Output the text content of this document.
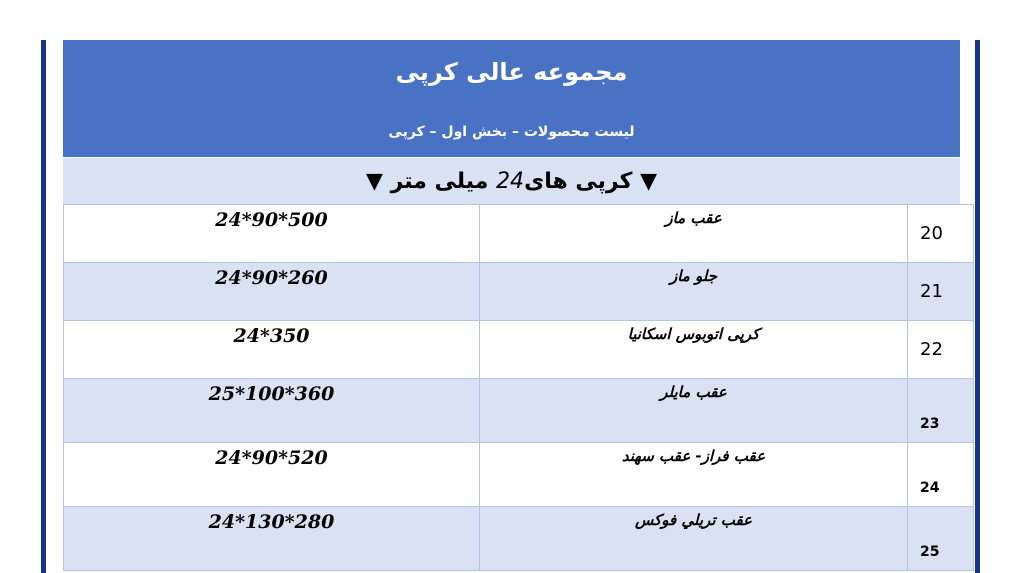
مجموعه عالی کرپی
لیست محصولات – بخش اول – کرپی
▼ کرپی های24 میلی متر ▼
24*90*500	عقب ماز	20
24*90*260	جلو ماز	21
24*350	کرپی اتوبوس اسکانیا	22
25*100*360	عقب مایلر	23
24*90*520	عقب فراز- عقب سهند	24
24*130*280	عقب تریلي فوکس	25
